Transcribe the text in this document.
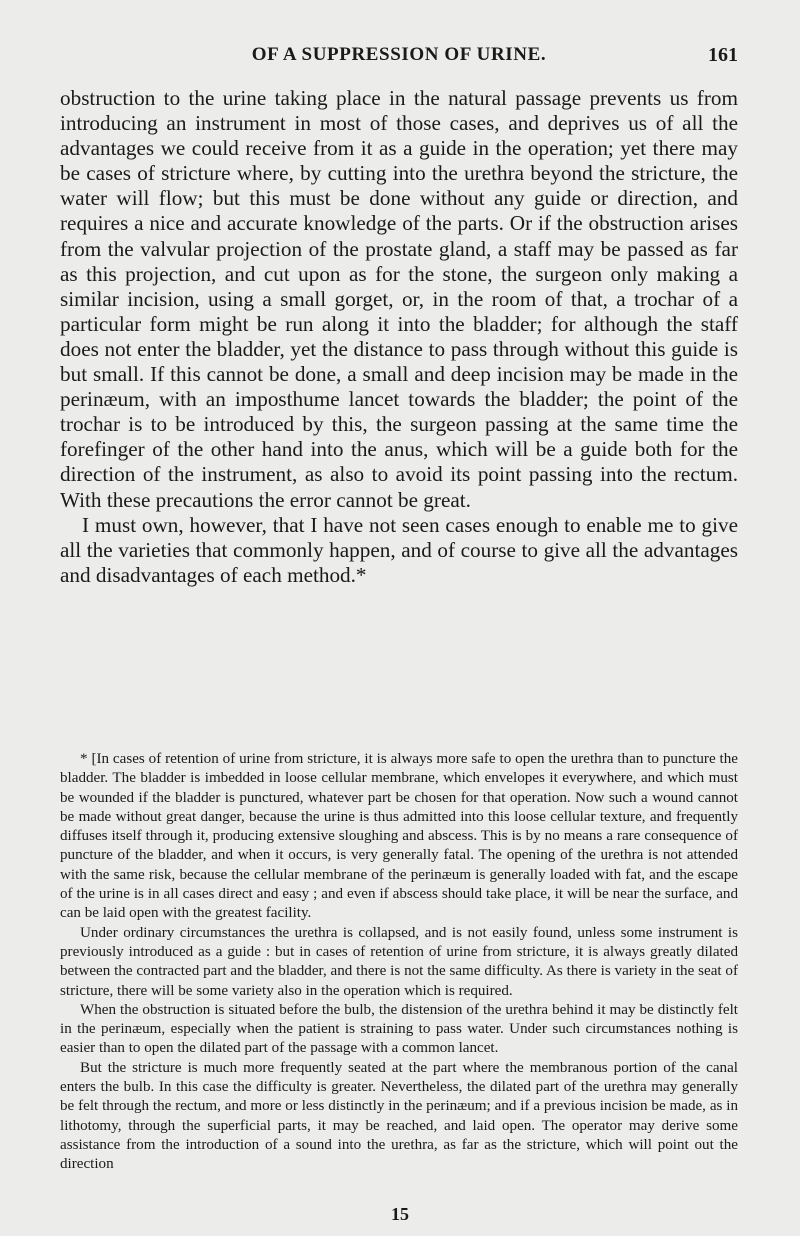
OF A SUPPRESSION OF URINE.	161

obstruction to the urine taking place in the natural passage prevents us from introducing an instrument in most of those cases, and deprives us of all the advantages we could receive from it as a guide in the operation; yet there may be cases of stricture where, by cutting into the urethra beyond the stricture, the water will flow; but this must be done without any guide or direction, and requires a nice and accurate knowledge of the parts. Or if the obstruction arises from the valvular projection of the prostate gland, a staff may be passed as far as this projection, and cut upon as for the stone, the surgeon only making a similar incision, using a small gorget, or, in the room of that, a trochar of a particular form might be run along it into the bladder; for although the staff does not enter the bladder, yet the distance to pass through without this guide is but small. If this cannot be done, a small and deep incision may be made in the perinæum, with an imposthume lancet towards the bladder; the point of the trochar is to be introduced by this, the surgeon passing at the same time the forefinger of the other hand into the anus, which will be a guide both for the direction of the instrument, as also to avoid its point passing into the rectum. With these precautions the error cannot be great.

I must own, however, that I have not seen cases enough to enable me to give all the varieties that commonly happen, and of course to give all the advantages and disadvantages of each method.*

* [In cases of retention of urine from stricture, it is always more safe to open the urethra than to puncture the bladder. The bladder is imbedded in loose cellular membrane, which envelopes it everywhere, and which must be wounded if the bladder is punctured, whatever part be chosen for that operation. Now such a wound cannot be made without great danger, because the urine is thus admitted into this loose cellular texture, and frequently diffuses itself through it, producing extensive sloughing and abscess. This is by no means a rare consequence of puncture of the bladder, and when it occurs, is very generally fatal. The opening of the urethra is not attended with the same risk, because the cellular membrane of the perinæum is generally loaded with fat, and the escape of the urine is in all cases direct and easy ; and even if abscess should take place, it will be near the surface, and can be laid open with the greatest facility.

Under ordinary circumstances the urethra is collapsed, and is not easily found, unless some instrument is previously introduced as a guide : but in cases of retention of urine from stricture, it is always greatly dilated between the contracted part and the bladder, and there is not the same difficulty. As there is variety in the seat of stricture, there will be some variety also in the operation which is required.

When the obstruction is situated before the bulb, the distension of the urethra behind it may be distinctly felt in the perinæum, especially when the patient is straining to pass water. Under such circumstances nothing is easier than to open the dilated part of the passage with a common lancet.

But the stricture is much more frequently seated at the part where the membranous portion of the canal enters the bulb. In this case the difficulty is greater. Nevertheless, the dilated part of the urethra may generally be felt through the rectum, and more or less distinctly in the perinæum; and if a previous incision be made, as in lithotomy, through the superficial parts, it may be reached, and laid open. The operator may derive some assistance from the introduction of a sound into the urethra, as far as the stricture, which will point out the direction

15
